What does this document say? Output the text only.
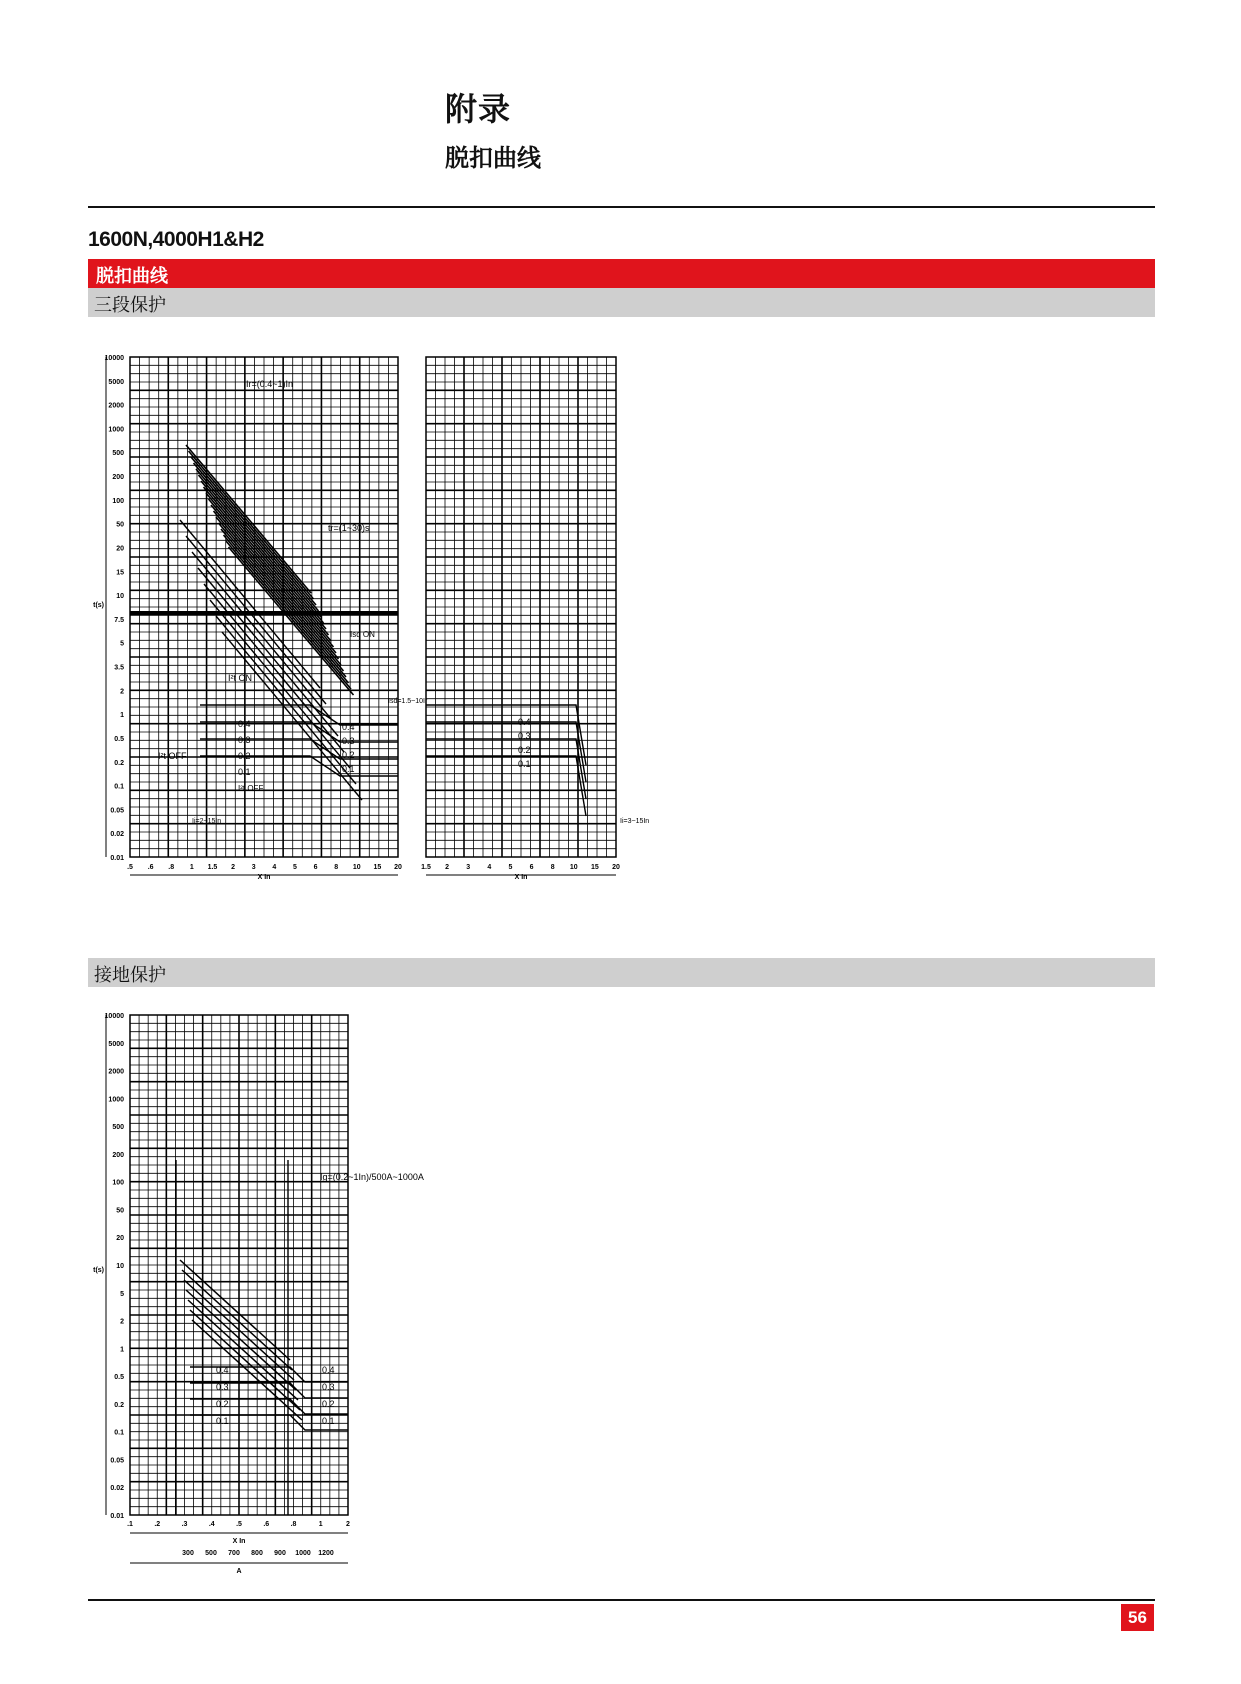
附录
脱扣曲线
1600N,4000H1&H2
脱扣曲线
三段保护
10000
5000
2000
1000
500
200
100
50
20
15
10
7.5
5
3.5
2
1
0.5
0.2
0.1
0.05
0.02
0.01
t(s)
.5 .6 .8 1 1.5 2 3 4 5 6 8 10 15 20	1.5 2 3 4 5 6 8 10 15 20
X In	X In
Ir=(0.4~1)In
tr=(1~30)s
Isd ON
I²t ON
I²t OFF
I²t OFF
Isd=1.5~10Ir
Ii=2~15In	Ii=3~15In
0.4	0.4	0.4
0.3	0.3	0.3
0.2	0.2	0.2
0.1	0.1	0.1
接地保护
10000
5000
2000
1000
500
200
100
50
20
10
5
2
1
0.5
0.2
0.1
0.05
0.02
0.01
t(s)
.1	.2	.3	.4	.5	.6	.8	1	2
X In
300 500 700 800 900 1000 1200
A
0.4	0.4
0.3	0.3
0.2	0.2
0.1	0.1
Ig=(0.2~1In)/500A~1000A
56
